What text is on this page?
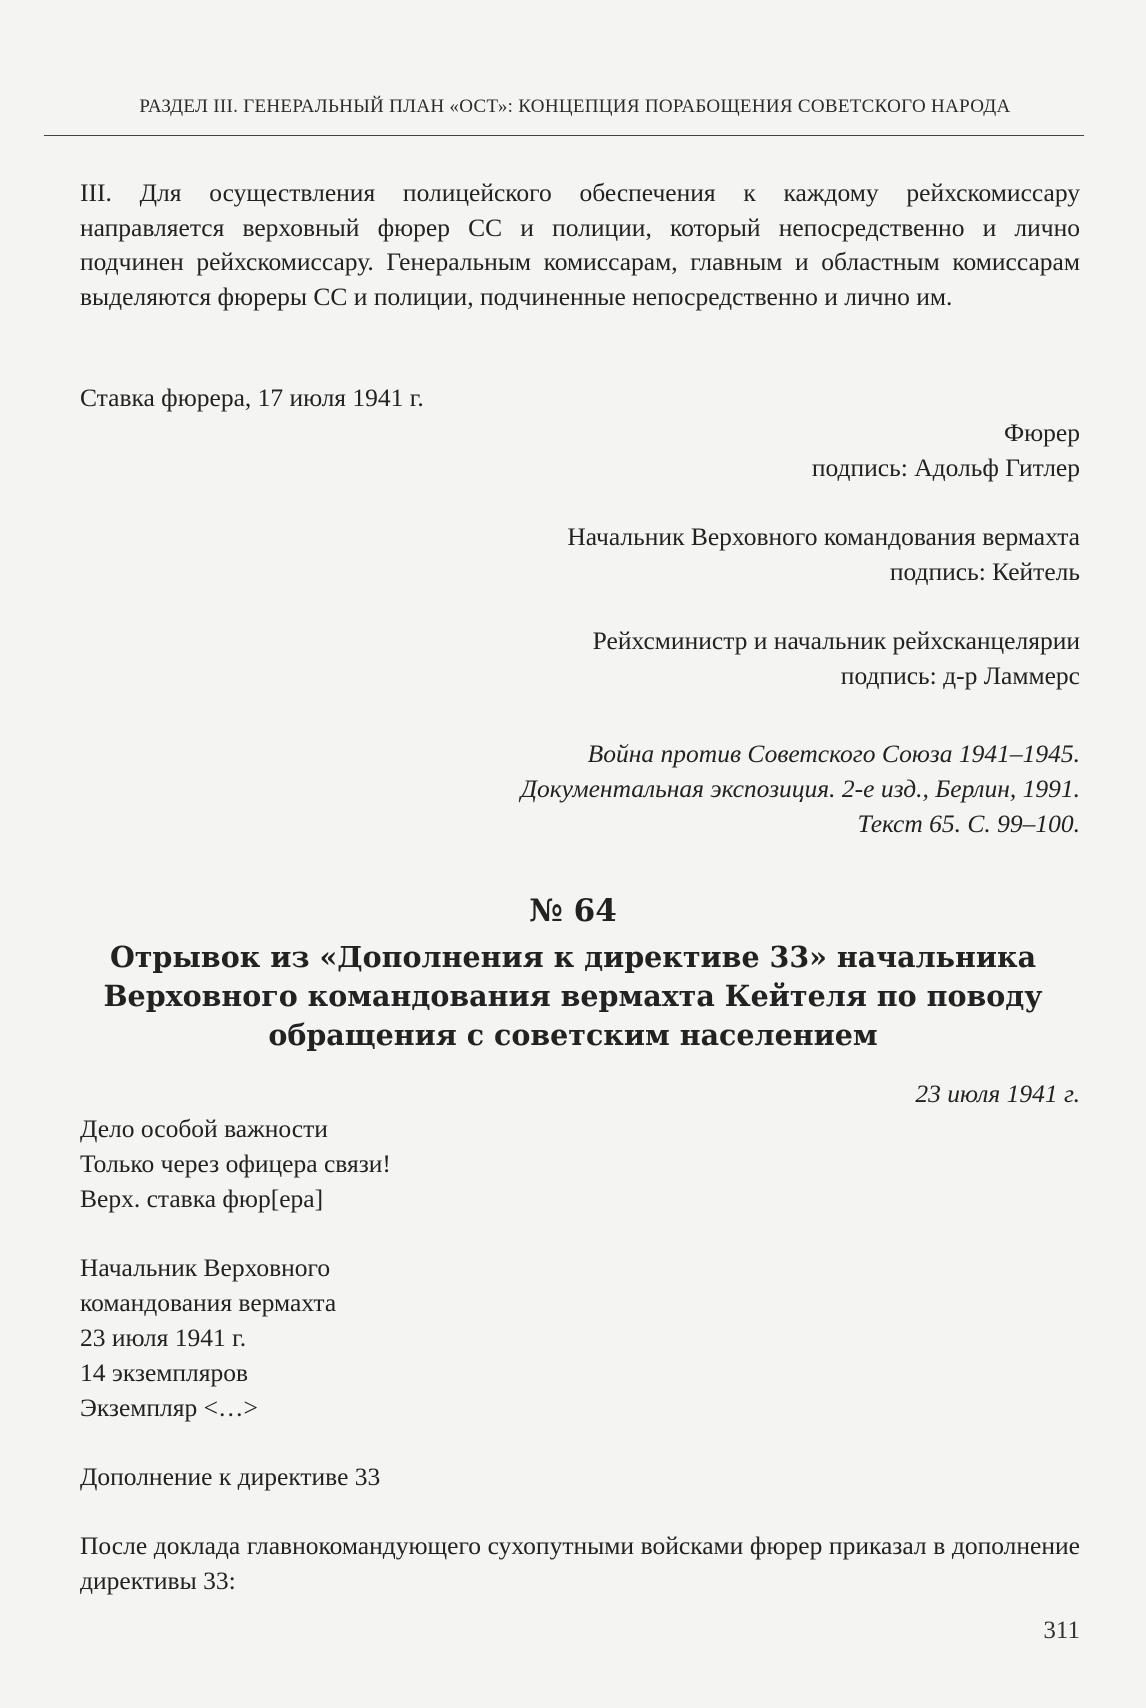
РАЗДЕЛ III. ГЕНЕРАЛЬНЫЙ ПЛАН «ОСТ»: КОНЦЕПЦИЯ ПОРАБОЩЕНИЯ СОВЕТСКОГО НАРОДА
III. Для осуществления полицейского обеспечения к каждому рейхскомиссару направляется верховный фюрер СС и полиции, который непосредственно и лично подчинен рейхскомиссару. Генеральным комиссарам, главным и областным комиссарам выделяются фюреры СС и полиции, подчиненные непосредственно и лично им.
Ставка фюрера, 17 июля 1941 г.
Фюрер
подпись: Адольф Гитлер
Начальник Верховного командования вермахта
подпись: Кейтель
Рейхсминистр и начальник рейхсканцелярии
подпись: д-р Ламмерс
Война против Советского Союза 1941–1945.
Документальная экспозиция. 2-е изд., Берлин, 1991.
Текст 65. С. 99–100.
№ 64
Отрывок из «Дополнения к директиве 33» начальника
Верховного командования вермахта Кейтеля по поводу
обращения с советским населением
23 июля 1941 г.
Дело особой важности
Только через офицера связи!
Верх. ставка фюр[ера]
Начальник Верховного
командования вермахта
23 июля 1941 г.
14 экземпляров
Экземпляр <…>
Дополнение к директиве 33
После доклада главнокомандующего сухопутными войсками фюрер приказал в дополнение директивы 33:
311
